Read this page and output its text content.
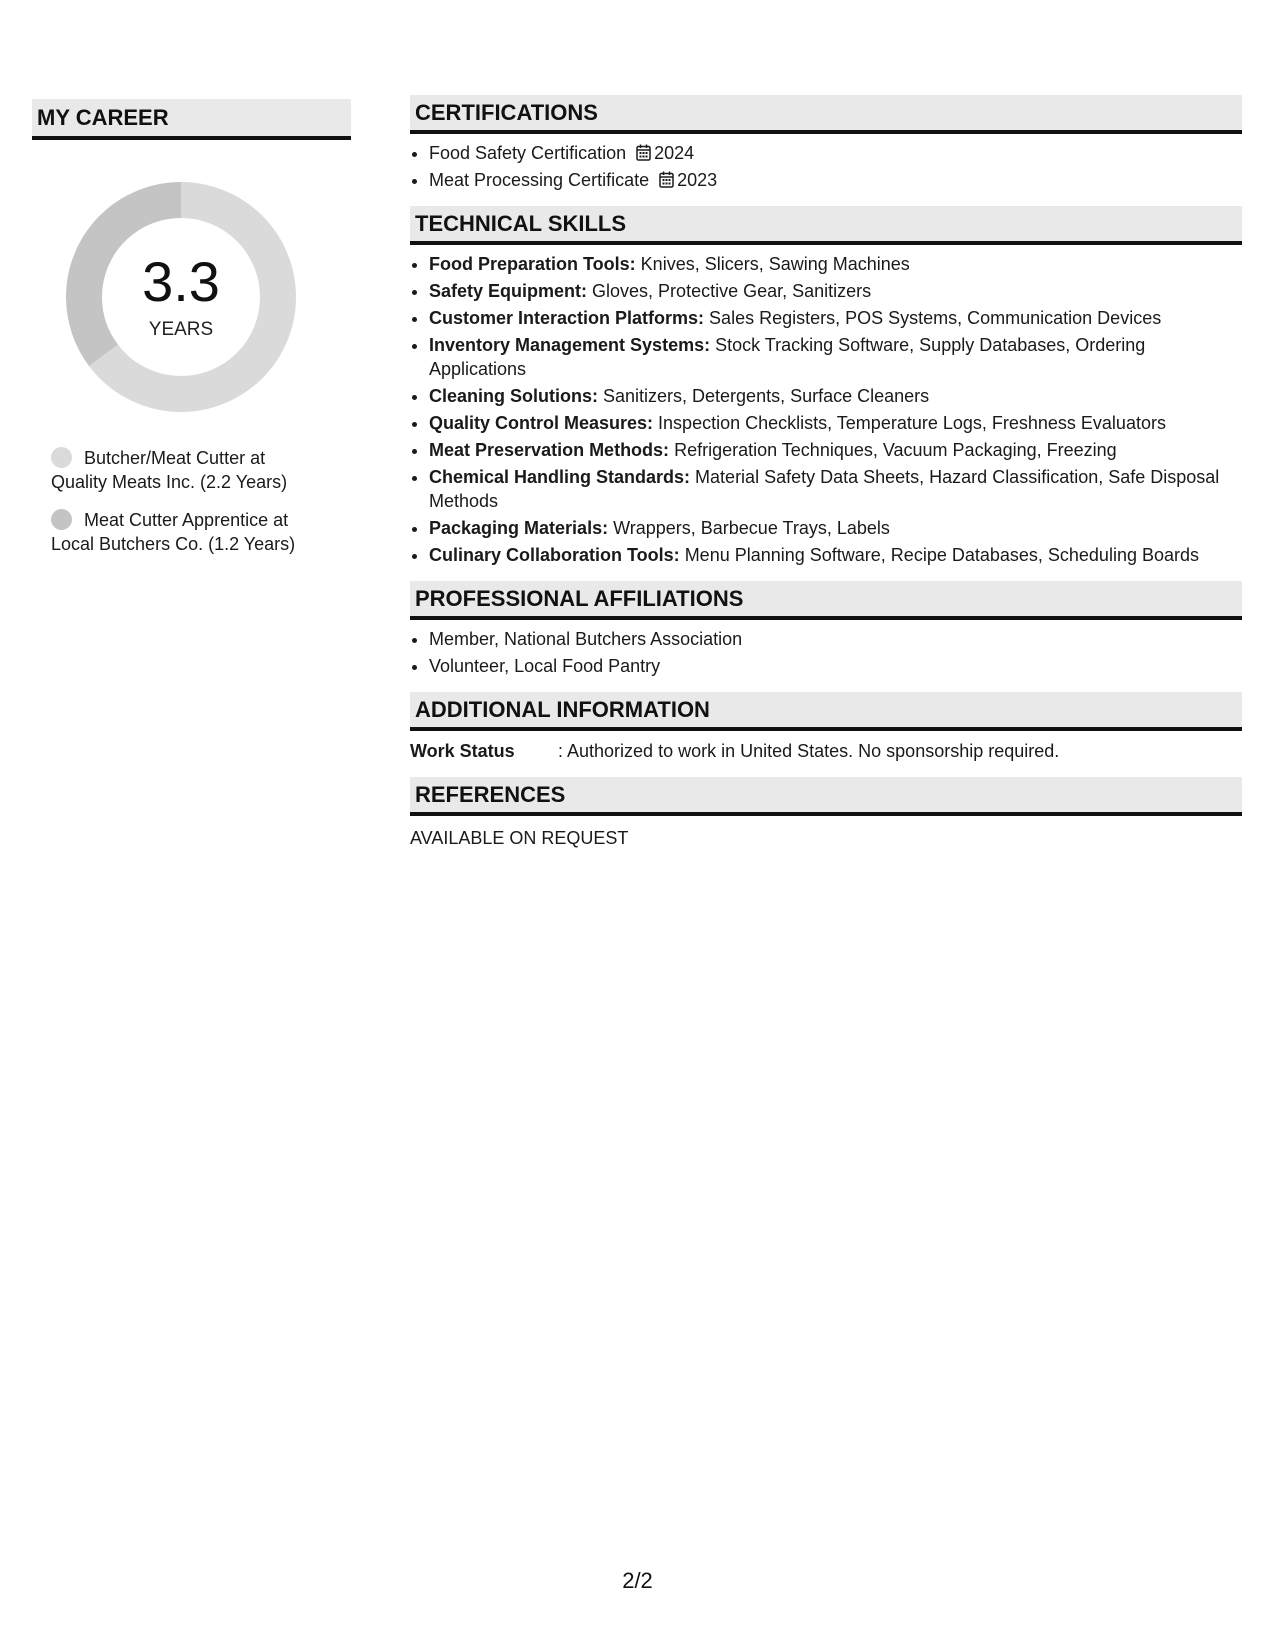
MY CAREER
3.3
YEARS
Butcher/Meat Cutter at Quality Meats Inc. (2.2 Years)
Meat Cutter Apprentice at Local Butchers Co. (1.2 Years)
CERTIFICATIONS
• Food Safety Certification 2024
• Meat Processing Certificate 2023
TECHNICAL SKILLS
• Food Preparation Tools: Knives, Slicers, Sawing Machines
• Safety Equipment: Gloves, Protective Gear, Sanitizers
• Customer Interaction Platforms: Sales Registers, POS Systems, Communication Devices
• Inventory Management Systems: Stock Tracking Software, Supply Databases, Ordering Applications
• Cleaning Solutions: Sanitizers, Detergents, Surface Cleaners
• Quality Control Measures: Inspection Checklists, Temperature Logs, Freshness Evaluators
• Meat Preservation Methods: Refrigeration Techniques, Vacuum Packaging, Freezing
• Chemical Handling Standards: Material Safety Data Sheets, Hazard Classification, Safe Disposal Methods
• Packaging Materials: Wrappers, Barbecue Trays, Labels
• Culinary Collaboration Tools: Menu Planning Software, Recipe Databases, Scheduling Boards
PROFESSIONAL AFFILIATIONS
• Member, National Butchers Association
• Volunteer, Local Food Pantry
ADDITIONAL INFORMATION
Work Status : Authorized to work in United States. No sponsorship required.
REFERENCES
AVAILABLE ON REQUEST
2/2
